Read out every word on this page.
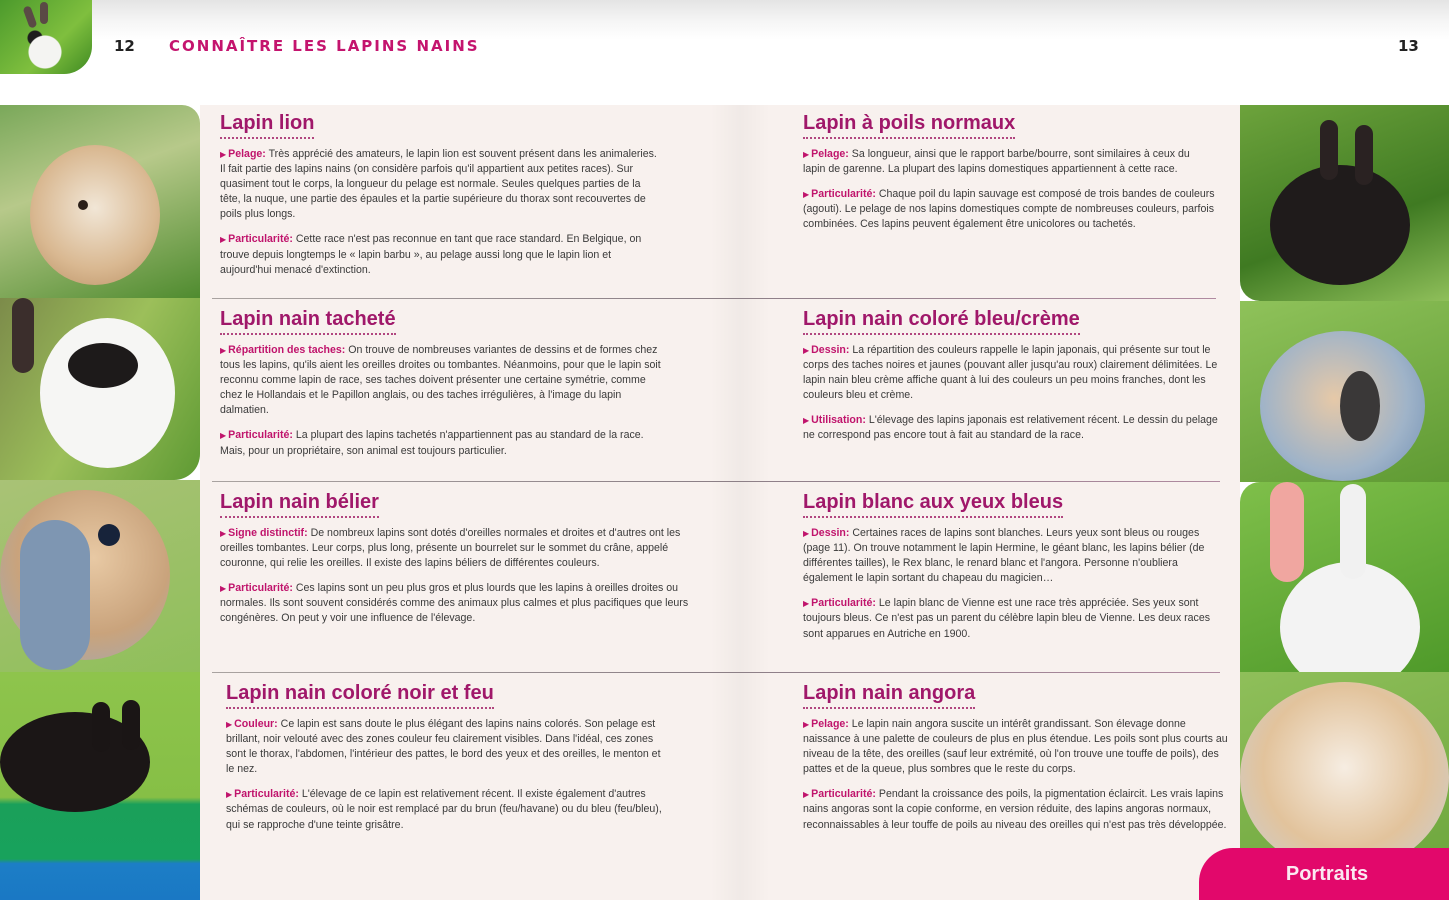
12 CONNAÎTRE LES LAPINS NAINS	13
Lapin lion

▶ Pelage: Très apprécié des amateurs, le lapin lion est souvent présent dans les animaleries. Il fait partie des lapins nains (on considère parfois qu'il appartient aux petites races). Sur quasiment tout le corps, la longueur du pelage est normale. Seules quelques parties de la tête, la nuque, une partie des épaules et la partie supérieure du thorax sont recouvertes de poils plus longs.

▶ Particularité: Cette race n'est pas reconnue en tant que race standard. En Belgique, on trouve depuis longtemps le « lapin barbu », au pelage aussi long que le lapin lion et aujourd'hui menacé d'extinction.

Lapin à poils normaux

▶ Pelage: Sa longueur, ainsi que le rapport barbe/bourre, sont similaires à ceux du lapin de garenne. La plupart des lapins domestiques appartiennent à cette race.

▶ Particularité: Chaque poil du lapin sauvage est composé de trois bandes de couleurs (agouti). Le pelage de nos lapins domestiques compte de nombreuses couleurs, parfois combinées. Ces lapins peuvent également être unicolores ou tachetés.

Lapin nain tacheté

▶ Répartition des taches: On trouve de nombreuses variantes de dessins et de formes chez tous les lapins, qu'ils aient les oreilles droites ou tombantes. Néanmoins, pour que le lapin soit reconnu comme lapin de race, ses taches doivent présenter une certaine symétrie, comme chez le Hollandais et le Papillon anglais, ou des taches irrégulières, à l'image du lapin dalmatien.

▶ Particularité: La plupart des lapins tachetés n'appartiennent pas au standard de la race. Mais, pour un propriétaire, son animal est toujours particulier.

Lapin nain coloré bleu/crème

▶ Dessin: La répartition des couleurs rappelle le lapin japonais, qui présente sur tout le corps des taches noires et jaunes (pouvant aller jusqu'au roux) clairement délimitées. Le lapin nain bleu crème affiche quant à lui des couleurs un peu moins franches, dont les couleurs bleu et crème.

▶ Utilisation: L'élevage des lapins japonais est relativement récent. Le dessin du pelage ne correspond pas encore tout à fait au standard de la race.

Lapin nain bélier

▶ Signe distinctif: De nombreux lapins sont dotés d'oreilles normales et droites et d'autres ont les oreilles tombantes. Leur corps, plus long, présente un bourrelet sur le sommet du crâne, appelé couronne, qui relie les oreilles. Il existe des lapins béliers de différentes couleurs.

▶ Particularité: Ces lapins sont un peu plus gros et plus lourds que les lapins à oreilles droites ou normales. Ils sont souvent considérés comme des animaux plus calmes et plus pacifiques que leurs congénères. On peut y voir une influence de l'élevage.

Lapin blanc aux yeux bleus

▶ Dessin: Certaines races de lapins sont blanches. Leurs yeux sont bleus ou rouges (page 11). On trouve notamment le lapin Hermine, le géant blanc, les lapins bélier (de différentes tailles), le Rex blanc, le renard blanc et l'angora. Personne n'oubliera également le lapin sortant du chapeau du magicien…

▶ Particularité: Le lapin blanc de Vienne est une race très appréciée. Ses yeux sont toujours bleus. Ce n'est pas un parent du célèbre lapin bleu de Vienne. Les deux races sont apparues en Autriche en 1900.

Lapin nain coloré noir et feu

▶ Couleur: Ce lapin est sans doute le plus élégant des lapins nains colorés. Son pelage est brillant, noir velouté avec des zones couleur feu clairement visibles. Dans l'idéal, ces zones sont le thorax, l'abdomen, l'intérieur des pattes, le bord des yeux et des oreilles, le menton et le nez.

▶ Particularité: L'élevage de ce lapin est relativement récent. Il existe également d'autres schémas de couleurs, où le noir est remplacé par du brun (feu/havane) ou du bleu (feu/bleu), qui se rapproche d'une teinte grisâtre.

Lapin nain angora

▶ Pelage: Le lapin nain angora suscite un intérêt grandissant. Son élevage donne naissance à une palette de couleurs de plus en plus étendue. Les poils sont plus courts au niveau de la tête, des oreilles (sauf leur extrémité, où l'on trouve une touffe de poils), des pattes et de la queue, plus sombres que le reste du corps.

▶ Particularité: Pendant la croissance des poils, la pigmentation éclaircit. Les vrais lapins nains angoras sont la copie conforme, en version réduite, des lapins angoras normaux, reconnaissables à leur touffe de poils au niveau des oreilles qui n'est pas très développée.

Portraits
